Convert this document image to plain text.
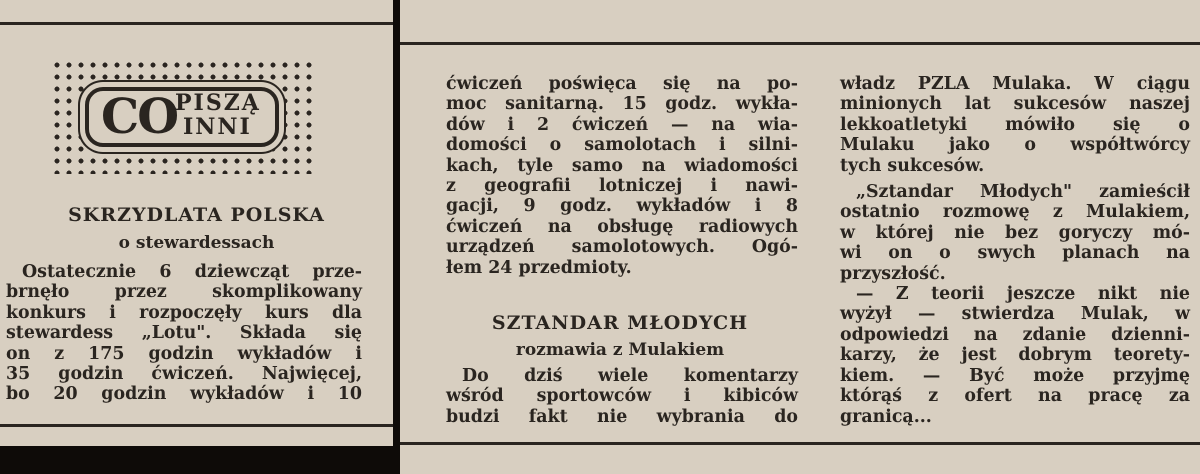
CO
PISZĄ
INNI
SKRZYDLATA POLSKA
o stewardessach
Ostatecznie 6 dziewcząt prze-
brnęło przez skomplikowany
konkurs i rozpoczęły kurs dla
stewardess „Lotu". Składa się
on z 175 godzin wykładów i
35 godzin ćwiczeń. Najwięcej,
bo 20 godzin wykładów i 10
ćwiczeń poświęca się na po-
moc sanitarną. 15 godz. wykła-
dów i 2 ćwiczeń — na wia-
domości o samolotach i silni-
kach, tyle samo na wiadomości
z geografii lotniczej i nawi-
gacji, 9 godz. wykładów i 8
ćwiczeń na obsługę radiowych
urządzeń samolotowych. Ogó-
łem 24 przedmioty.
SZTANDAR MŁODYCH
rozmawia z Mulakiem
Do dziś wiele komentarzy
wśród sportowców i kibiców
budzi fakt nie wybrania do
władz PZLA Mulaka. W ciągu
minionych lat sukcesów naszej
lekkoatletyki mówiło się o
Mulaku jako o współtwórcy
tych sukcesów.
„Sztandar Młodych" zamieścił
ostatnio rozmowę z Mulakiem,
w której nie bez goryczy mó-
wi on o swych planach na
przyszłość.
— Z teorii jeszcze nikt nie
wyżył — stwierdza Mulak, w
odpowiedzi na zdanie dzienni-
karzy, że jest dobrym teorety-
kiem. — Być może przyjmę
którąś z ofert na pracę za
granicą...
